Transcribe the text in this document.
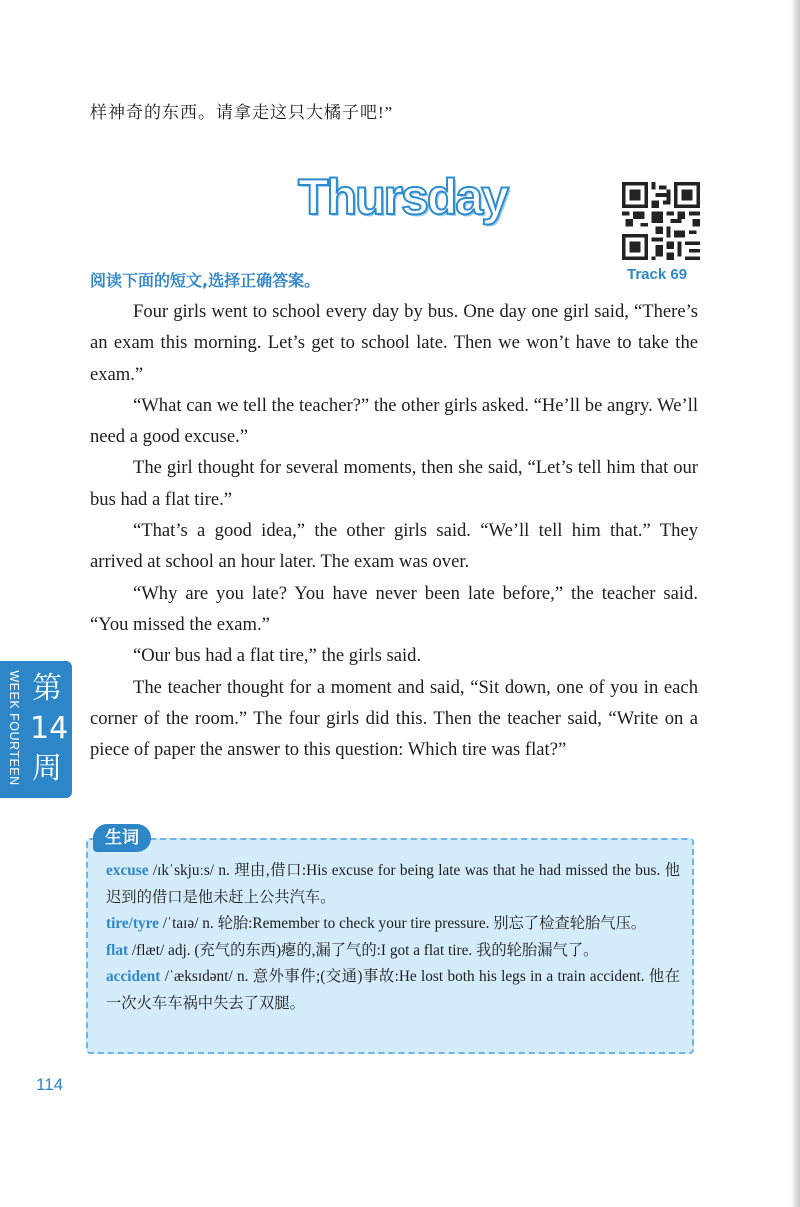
样神奇的东西。请拿走这只大橘子吧!”
Thursday
Track 69
阅读下面的短文,选择正确答案。

Four girls went to school every day by bus. One day one girl said, “There’s an exam this morning. Let’s get to school late. Then we won’t have to take the exam.”

“What can we tell the teacher?” the other girls asked. “He’ll be angry. We’ll need a good excuse.”

The girl thought for several moments, then she said, “Let’s tell him that our bus had a flat tire.”

“That’s a good idea,” the other girls said. “We’ll tell him that.” They arrived at school an hour later. The exam was over.

“Why are you late? You have never been late before,” the teacher said. “You missed the exam.”

“Our bus had a flat tire,” the girls said.

The teacher thought for a moment and said, “Sit down, one of you in each corner of the room.” The four girls did this. Then the teacher said, “Write on a piece of paper the answer to this question: Which tire was flat?”

WEEK FOURTEEN 第14周
生词

excuse /ɪkˈskjuːs/ n. 理由,借口:His excuse for being late was that he had missed the bus. 他迟到的借口是他未赶上公共汽车。

tire/tyre /ˈtaɪə/ n. 轮胎:Remember to check your tire pressure. 别忘了检查轮胎气压。

flat /flæt/ adj. (充气的东西)瘪的,漏了气的:I got a flat tire. 我的轮胎漏气了。

accident /ˈæksɪdənt/ n. 意外事件;(交通)事故:He lost both his legs in a train accident. 他在一次火车车祸中失去了双腿。

114
